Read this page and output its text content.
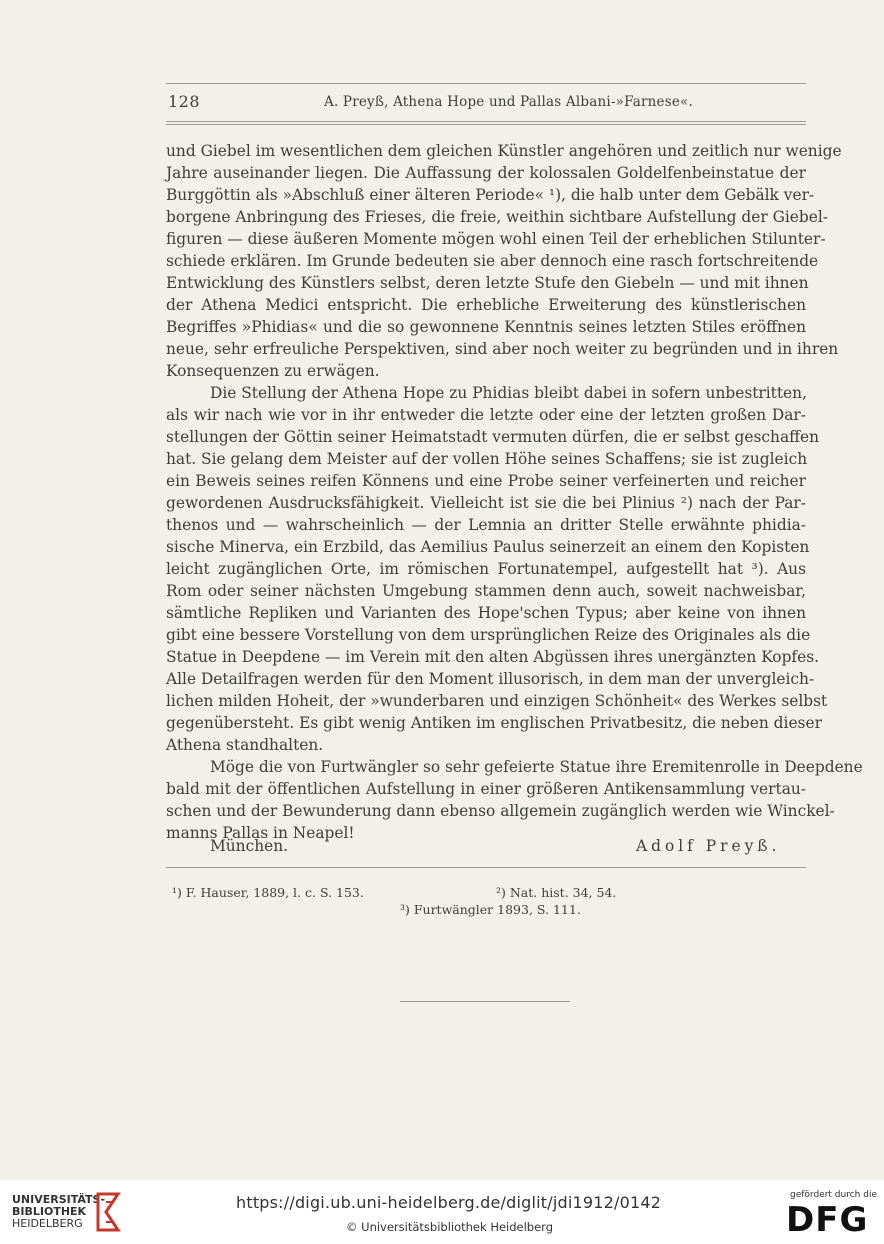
128	A. Preyß, Athena Hope und Pallas Albani-»Farnese«.
und Giebel im wesentlichen dem gleichen Künstler angehören und zeitlich nur wenige
Jahre auseinander liegen. Die Auffassung der kolossalen Goldelfenbeinstatue der
Burggöttin als »Abschluß einer älteren Periode« ¹), die halb unter dem Gebälk ver-
borgene Anbringung des Frieses, die freie, weithin sichtbare Aufstellung der Giebel-
figuren — diese äußeren Momente mögen wohl einen Teil der erheblichen Stilunter-
schiede erklären. Im Grunde bedeuten sie aber dennoch eine rasch fortschreitende
Entwicklung des Künstlers selbst, deren letzte Stufe den Giebeln — und mit ihnen
der Athena Medici entspricht. Die erhebliche Erweiterung des künstlerischen
Begriffes »Phidias« und die so gewonnene Kenntnis seines letzten Stiles eröffnen
neue, sehr erfreuliche Perspektiven, sind aber noch weiter zu begründen und in ihren
Konsequenzen zu erwägen.
Die Stellung der Athena Hope zu Phidias bleibt dabei in sofern unbestritten,
als wir nach wie vor in ihr entweder die letzte oder eine der letzten großen Dar-
stellungen der Göttin seiner Heimatstadt vermuten dürfen, die er selbst geschaffen
hat. Sie gelang dem Meister auf der vollen Höhe seines Schaffens; sie ist zugleich
ein Beweis seines reifen Könnens und eine Probe seiner verfeinerten und reicher
gewordenen Ausdrucksfähigkeit. Vielleicht ist sie die bei Plinius ²) nach der Par-
thenos und — wahrscheinlich — der Lemnia an dritter Stelle erwähnte phidia-
sische Minerva, ein Erzbild, das Aemilius Paulus seinerzeit an einem den Kopisten
leicht zugänglichen Orte, im römischen Fortunatempel, aufgestellt hat ³). Aus
Rom oder seiner nächsten Umgebung stammen denn auch, soweit nachweisbar,
sämtliche Repliken und Varianten des Hope'schen Typus; aber keine von ihnen
gibt eine bessere Vorstellung von dem ursprünglichen Reize des Originales als die
Statue in Deepdene — im Verein mit den alten Abgüssen ihres unergänzten Kopfes.
Alle Detailfragen werden für den Moment illusorisch, in dem man der unvergleich-
lichen milden Hoheit, der »wunderbaren und einzigen Schönheit« des Werkes selbst
gegenübersteht. Es gibt wenig Antiken im englischen Privatbesitz, die neben dieser
Athena standhalten.
Möge die von Furtwängler so sehr gefeierte Statue ihre Eremitenrolle in Deepdene
bald mit der öffentlichen Aufstellung in einer größeren Antikensammlung vertau-
schen und der Bewunderung dann ebenso allgemein zugänglich werden wie Winckel-
manns Pallas in Neapel!
München.	Adolf Preyß.
¹) F. Hauser, 1889, l. c. S. 153.	²) Nat. hist. 34, 54.
³) Furtwängler 1893, S. 111.
UNIVERSITÄTS-
BIBLIOTHEK
HEIDELBERG
https://digi.ub.uni-heidelberg.de/diglit/jdi1912/0142
© Universitätsbibliothek Heidelberg
gefördert durch die
DFG
